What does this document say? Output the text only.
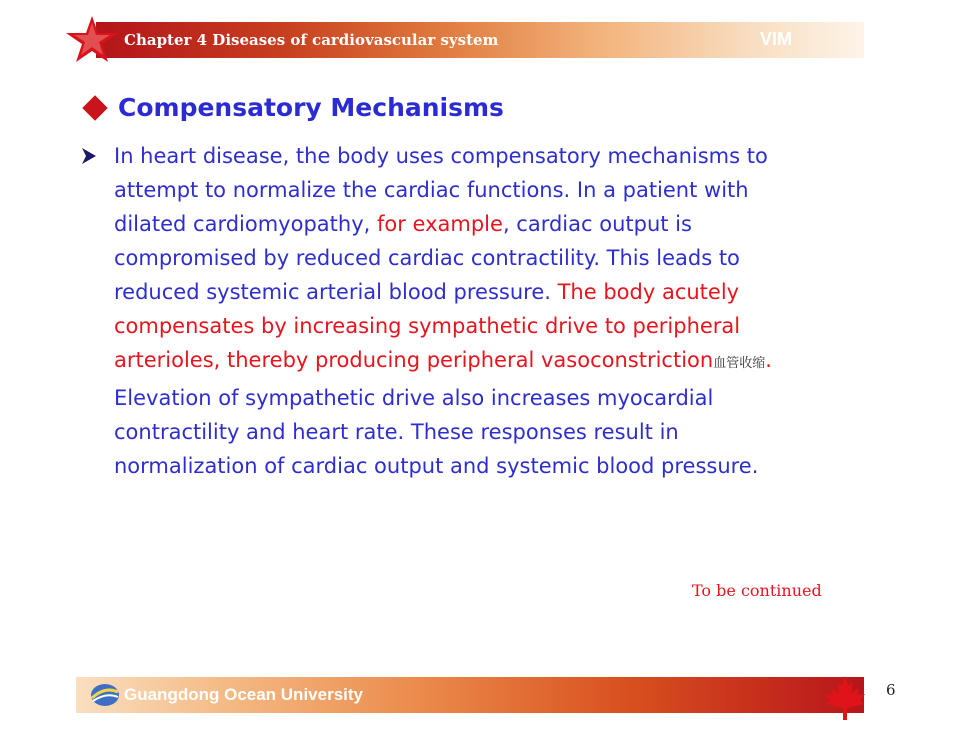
Chapter 4 Diseases of cardiovascular system	VIM
Compensatory Mechanisms
In heart disease, the body uses compensatory mechanisms to
attempt to normalize the cardiac functions. In a patient with
dilated cardiomyopathy, for example, cardiac output is
compromised by reduced cardiac contractility. This leads to
reduced systemic arterial blood pressure. The body acutely
compensates by increasing sympathetic drive to peripheral
arterioles, thereby producing peripheral vasoconstriction血管收缩.
Elevation of sympathetic drive also increases myocardial
contractility and heart rate. These responses result in
normalization of cardiac output and systemic blood pressure.
To be continued
Guangdong Ocean University	6
